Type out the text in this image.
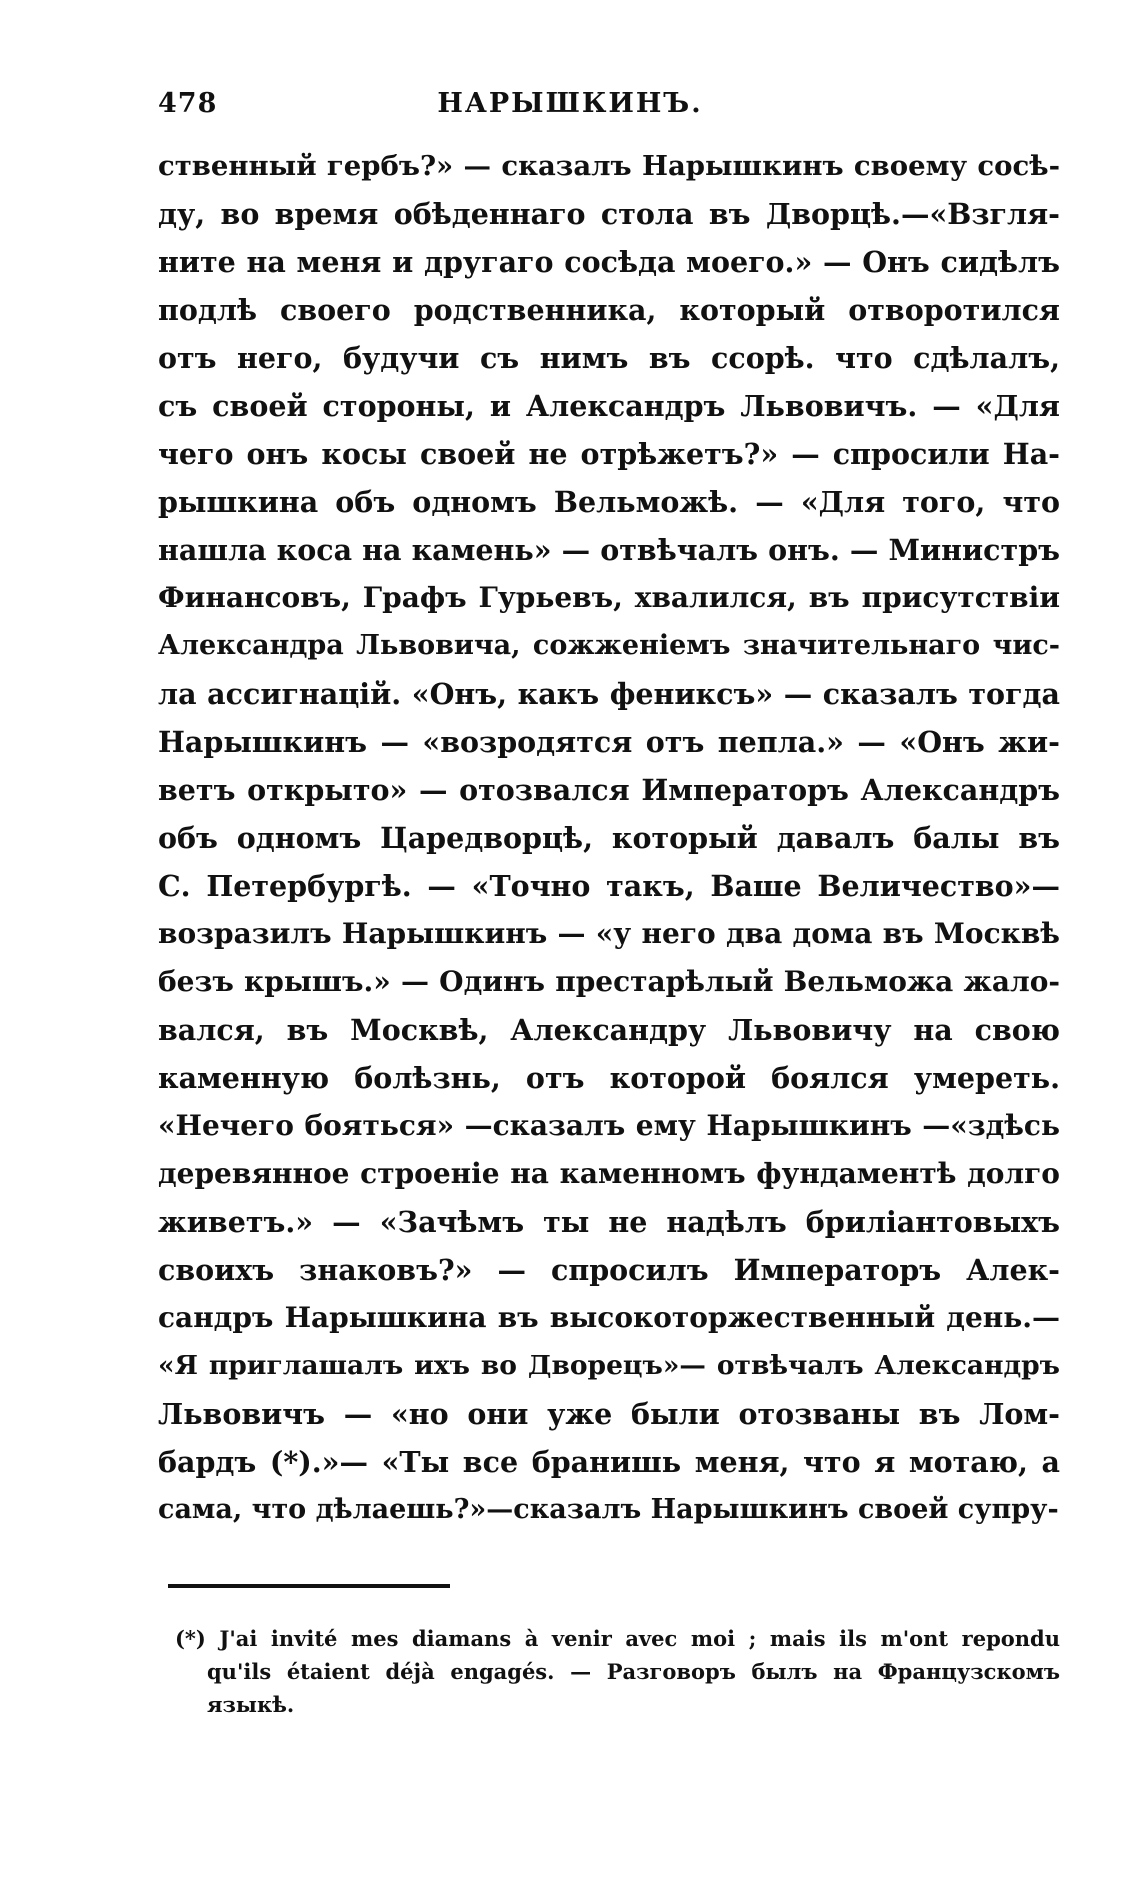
478	НАРЫШКИНЪ.
ственный гербъ?» — сказалъ Нарышкинъ своему сосѣ-
ду, во время обѣденнаго стола въ Дворцѣ.—«Взгля-
ните на меня и другаго сосѣда моего.» — Онъ сидѣлъ
подлѣ своего родственника, который отворотился
отъ него, будучи съ нимъ въ ссорѣ. что сдѣлалъ,
съ своей стороны, и Александръ Львовичъ. — «Для
чего онъ косы своей не отрѣжетъ?» — спросили На-
рышкина объ одномъ Вельможѣ. — «Для того, что
нашла коса на камень» — отвѣчалъ онъ. — Министръ
Финансовъ, Графъ Гурьевъ, хвалился, въ присутствіи
Александра Львовича, сожженіемъ значительнаго чис-
ла ассигнацій. «Онъ, какъ фениксъ» — сказалъ тогда
Нарышкинъ — «возродятся отъ пепла.» — «Онъ жи-
ветъ открыто» — отозвался Императоръ Александръ
объ одномъ Царедворцѣ, который давалъ балы въ
С. Петербургѣ. — «Точно такъ, Ваше Величество»—
возразилъ Нарышкинъ — «у него два дома въ Москвѣ
безъ крышъ.» — Одинъ престарѣлый Вельможа жало-
вался, въ Москвѣ, Александру Львовичу на свою
каменную болѣзнь, отъ которой боялся умереть.
«Нечего бояться» —сказалъ ему Нарышкинъ —«здѣсь
деревянное строеніе на каменномъ фундаментѣ долго
живетъ.» — «Зачѣмъ ты не надѣлъ бриліантовыхъ
своихъ знаковъ?» — спросилъ Императоръ Алек-
сандръ Нарышкина въ высокоторжественный день.—
«Я приглашалъ ихъ во Дворецъ»— отвѣчалъ Александръ
Львовичъ — «но они уже были отозваны въ Лом-
бардъ (*).»— «Ты все бранишь меня, что я мотаю, а
сама, что дѣлаешь?»—сказалъ Нарышкинъ своей супру-
(*) J'ai invité mes diamans à venir avec moi ; mais ils m'ont repondu
qu'ils étaient déjà engagés. — Разговоръ былъ на Французскомъ
языкѣ.
